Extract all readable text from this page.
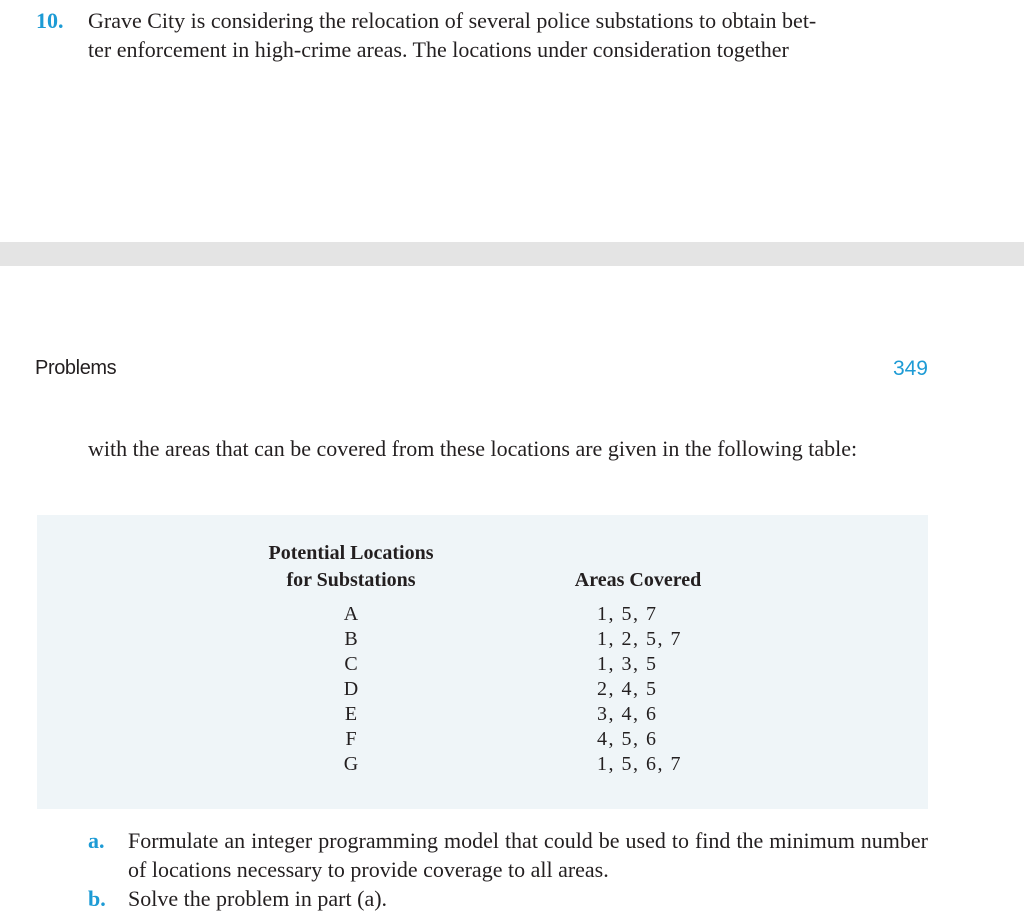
10. Grave City is considering the relocation of several police substations to obtain bet-
ter enforcement in high-crime areas. The locations under consideration together
Problems	349
with the areas that can be covered from these locations are given in the following table:
Potential Locations
for Substations	Areas Covered
A
B
C
D
E
F
G
1, 5, 7
1, 2, 5, 7
1, 3, 5
2, 4, 5
3, 4, 6
4, 5, 6
1, 5, 6, 7
a. Formulate an integer programming model that could be used to find the minimum number of locations necessary to provide coverage to all areas.
b. Solve the problem in part (a).
